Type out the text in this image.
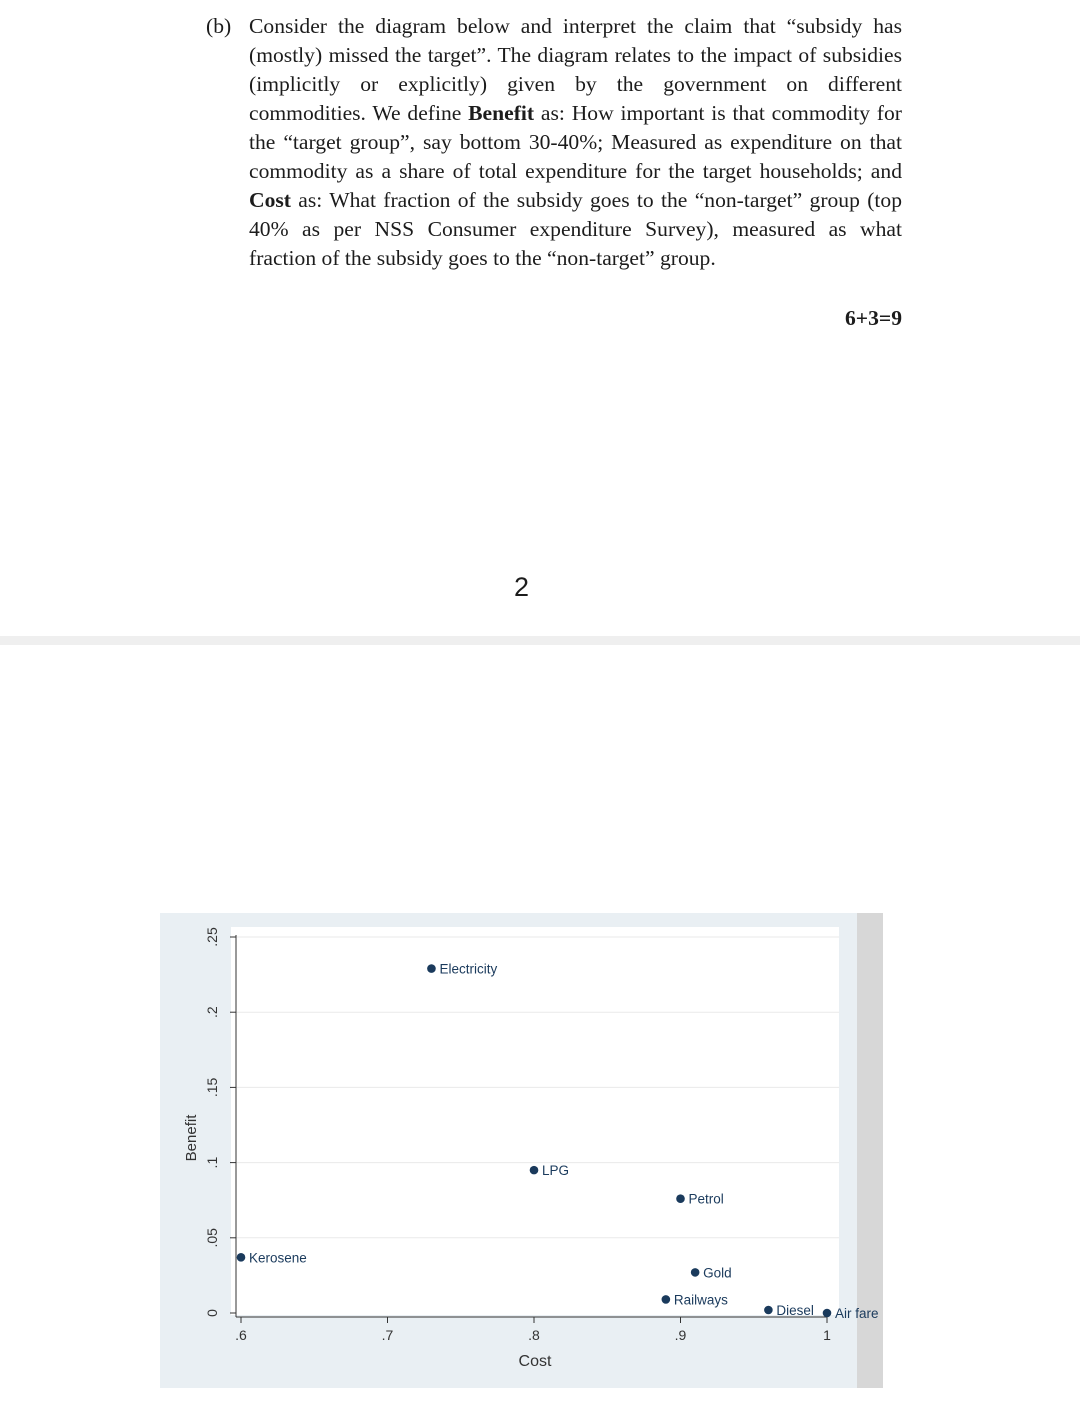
(b) Consider the diagram below and interpret the claim that “subsidy has (mostly) missed the target”. The diagram relates to the impact of subsidies (implicitly or explicitly) given by the government on different commodities. We define Benefit as: How important is that commodity for the “target group”, say bottom 30-40%; Measured as expenditure on that commodity as a share of total expenditure for the target households; and Cost as: What fraction of the subsidy goes to the “non-target” group (top 40% as per NSS Consumer expenditure Survey), measured as what fraction of the subsidy goes to the “non-target” group.
6+3=9
2
0
.05
.1
.15
.2
.25
.6	.7	.8	.9	1
Cost
Benefit
Electricity
LPG
Petrol
Kerosene
Gold
Railways
Diesel Air fare
